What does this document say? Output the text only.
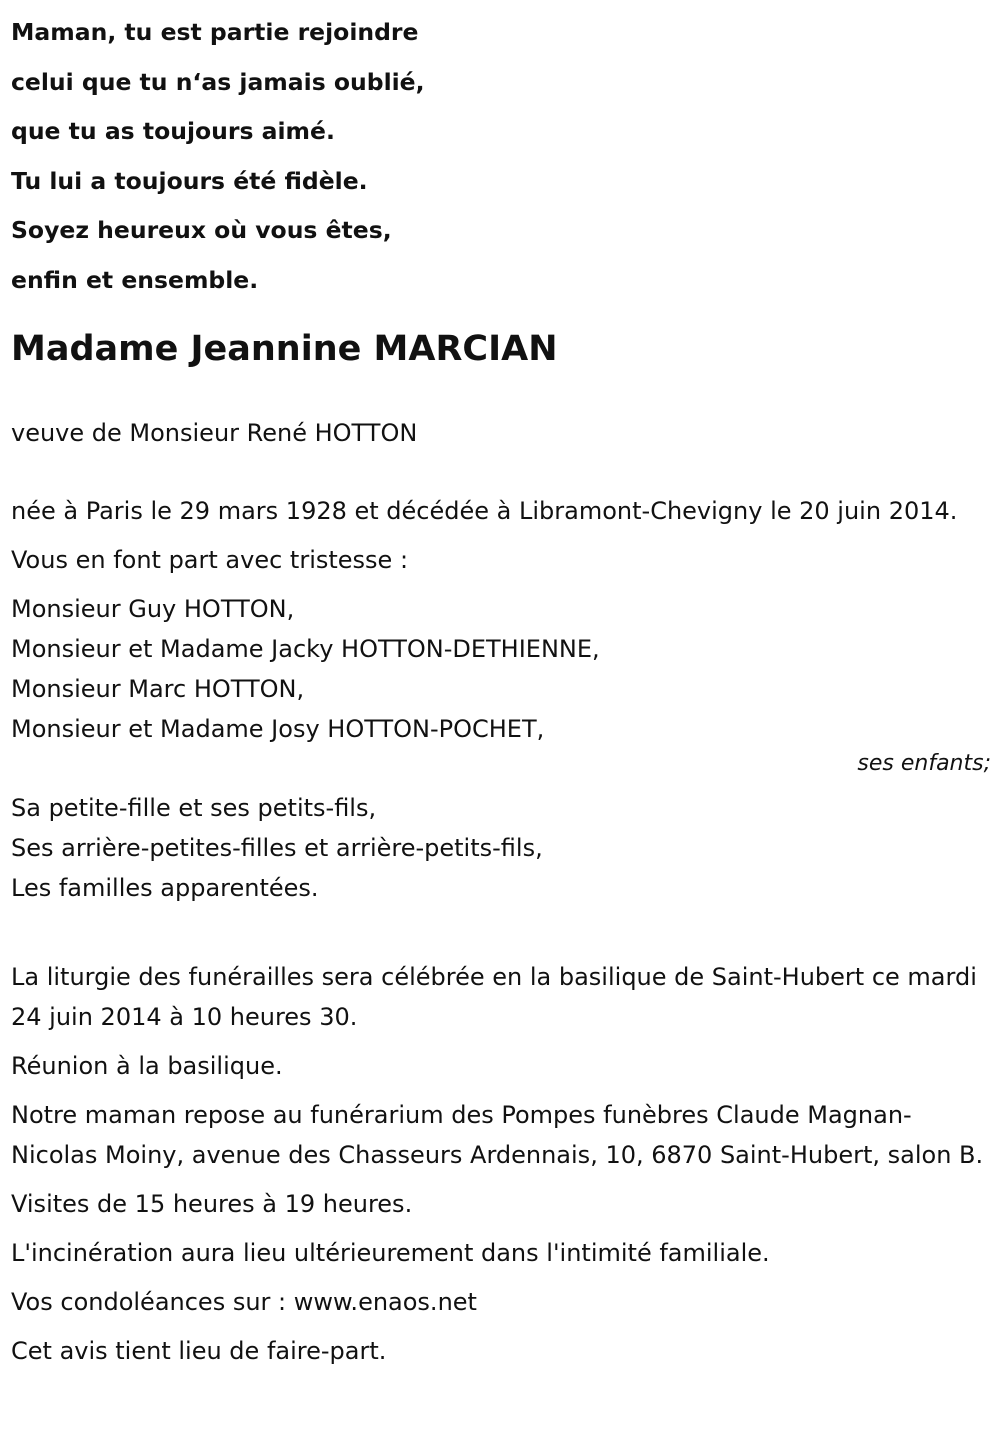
Maman, tu est partie rejoindre
celui que tu n‘as jamais oublié,
que tu as toujours aimé.
Tu lui a toujours été fidèle.
Soyez heureux où vous êtes,
enfin et ensemble.
Madame Jeannine MARCIAN
veuve de Monsieur René HOTTON
née à Paris le 29 mars 1928 et décédée à Libramont-Chevigny le 20 juin 2014.
Vous en font part avec tristesse :
Monsieur Guy HOTTON,
Monsieur et Madame Jacky HOTTON-DETHIENNE,
Monsieur Marc HOTTON,
Monsieur et Madame Josy HOTTON-POCHET,
ses enfants;
Sa petite-fille et ses petits-fils,
Ses arrière-petites-filles et arrière-petits-fils,
Les familles apparentées.
La liturgie des funérailles sera célébrée en la basilique de Saint-Hubert ce mardi 24 juin 2014 à 10 heures 30.
Réunion à la basilique.
Notre maman repose au funérarium des Pompes funèbres Claude Magnan-Nicolas Moiny, avenue des Chasseurs Ardennais, 10, 6870 Saint-Hubert, salon B.
Visites de 15 heures à 19 heures.
L'incinération aura lieu ultérieurement dans l'intimité familiale.
Vos condoléances sur : www.enaos.net
Cet avis tient lieu de faire-part.
